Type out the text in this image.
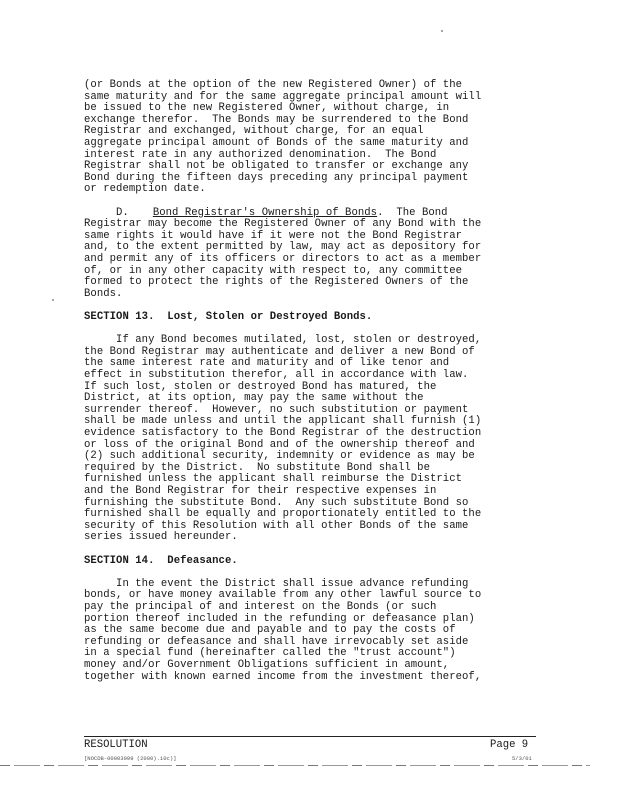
(or Bonds at the option of the new Registered Owner) of the
same maturity and for the same aggregate principal amount will
be issued to the new Registered Owner, without charge, in
exchange therefor.  The Bonds may be surrendered to the Bond
Registrar and exchanged, without charge, for an equal
aggregate principal amount of Bonds of the same maturity and
interest rate in any authorized denomination.  The Bond
Registrar shall not be obligated to transfer or exchange any
Bond during the fifteen days preceding any principal payment
or redemption date.
D. Bond Registrar's Ownership of Bonds.  The Bond
Registrar may become the Registered Owner of any Bond with the
same rights it would have if it were not the Bond Registrar
and, to the extent permitted by law, may act as depository for
and permit any of its officers or directors to act as a member
of, or in any other capacity with respect to, any committee
formed to protect the rights of the Registered Owners of the
Bonds.
SECTION 13.  Lost, Stolen or Destroyed Bonds.
If any Bond becomes mutilated, lost, stolen or destroyed,
the Bond Registrar may authenticate and deliver a new Bond of
the same interest rate and maturity and of like tenor and
effect in substitution therefor, all in accordance with law.
If such lost, stolen or destroyed Bond has matured, the
District, at its option, may pay the same without the
surrender thereof.  However, no such substitution or payment
shall be made unless and until the applicant shall furnish (1)
evidence satisfactory to the Bond Registrar of the destruction
or loss of the original Bond and of the ownership thereof and
(2) such additional security, indemnity or evidence as may be
required by the District.  No substitute Bond shall be
furnished unless the applicant shall reimburse the District
and the Bond Registrar for their respective expenses in
furnishing the substitute Bond.  Any such substitute Bond so
furnished shall be equally and proportionately entitled to the
security of this Resolution with all other Bonds of the same
series issued hereunder.
SECTION 14.  Defeasance.
In the event the District shall issue advance refunding
bonds, or have money available from any other lawful source to
pay the principal of and interest on the Bonds (or such
portion thereof included in the refunding or defeasance plan)
as the same become due and payable and to pay the costs of
refunding or defeasance and shall have irrevocably set aside
in a special fund (hereinafter called the "trust account")
money and/or Government Obligations sufficient in amount,
together with known earned income from the investment thereof,
RESOLUTION	Page 9
[NOCDB-00003999 (2000).10c)]	5/3/01
